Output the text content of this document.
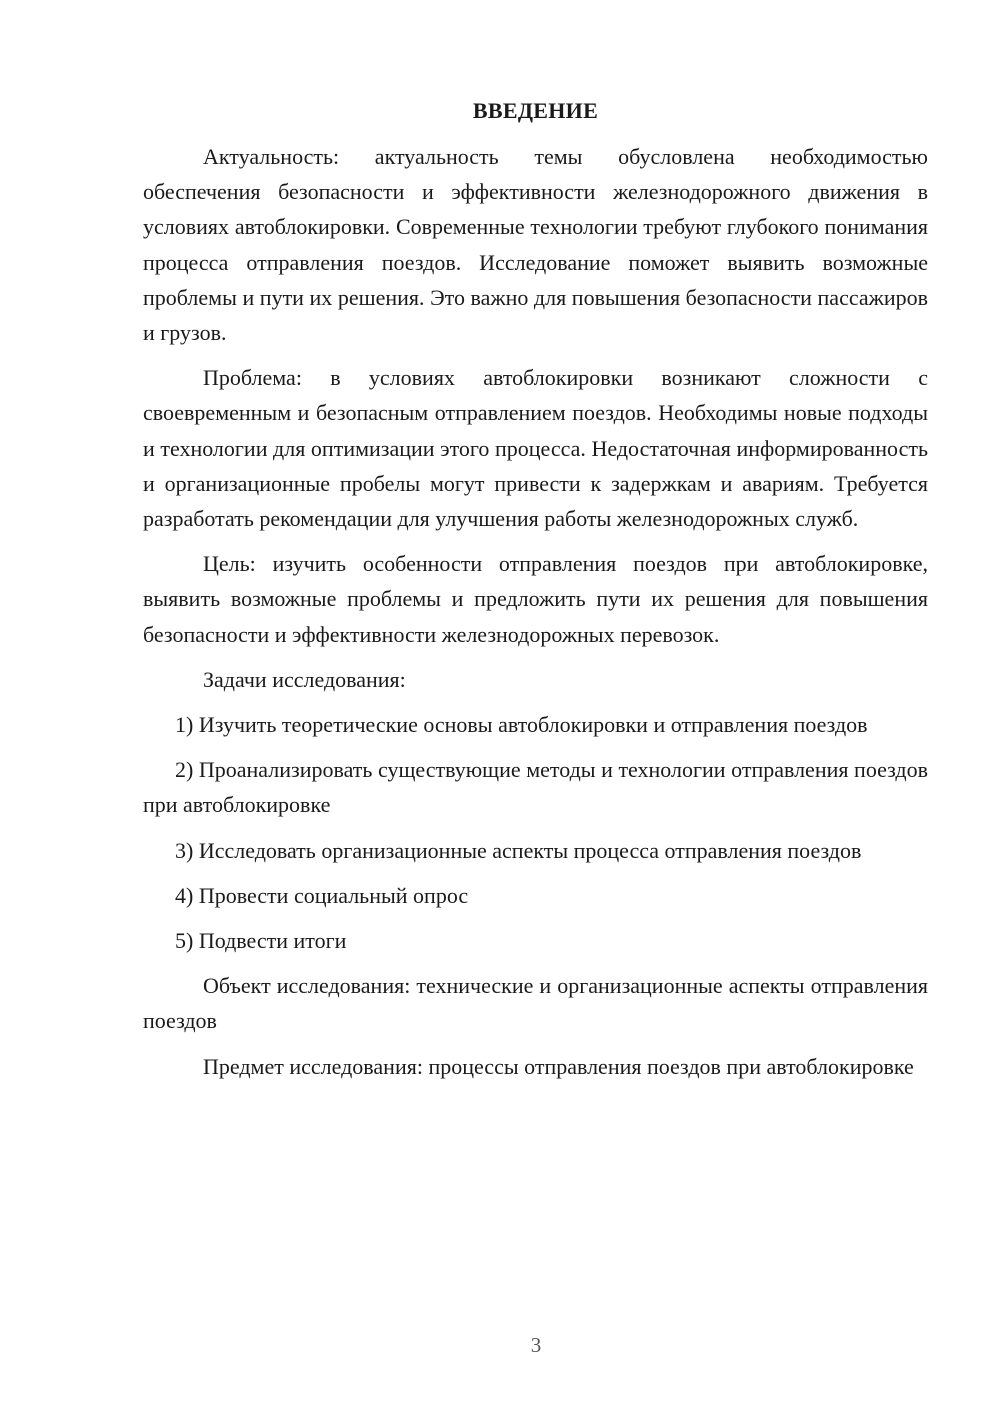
ВВЕДЕНИЕ

Актуальность: актуальность темы обусловлена необходимостью обеспечения безопасности и эффективности железнодорожного движения в условиях автоблокировки. Современные технологии требуют глубокого понимания процесса отправления поездов. Исследование поможет выявить возможные проблемы и пути их решения. Это важно для повышения безопасности пассажиров и грузов.

Проблема: в условиях автоблокировки возникают сложности с своевременным и безопасным отправлением поездов. Необходимы новые подходы и технологии для оптимизации этого процесса. Недостаточная информированность и организационные пробелы могут привести к задержкам и авариям. Требуется разработать рекомендации для улучшения работы железнодорожных служб.

Цель: изучить особенности отправления поездов при автоблокировке, выявить возможные проблемы и предложить пути их решения для повышения безопасности и эффективности железнодорожных перевозок.

Задачи исследования:

1) Изучить теоретические основы автоблокировки и отправления поездов

2) Проанализировать существующие методы и технологии отправления поездов при автоблокировке

3) Исследовать организационные аспекты процесса отправления поездов

4) Провести социальный опрос

5) Подвести итоги

Объект исследования: технические и организационные аспекты отправления поездов

Предмет исследования: процессы отправления поездов при автоблокировке

3
